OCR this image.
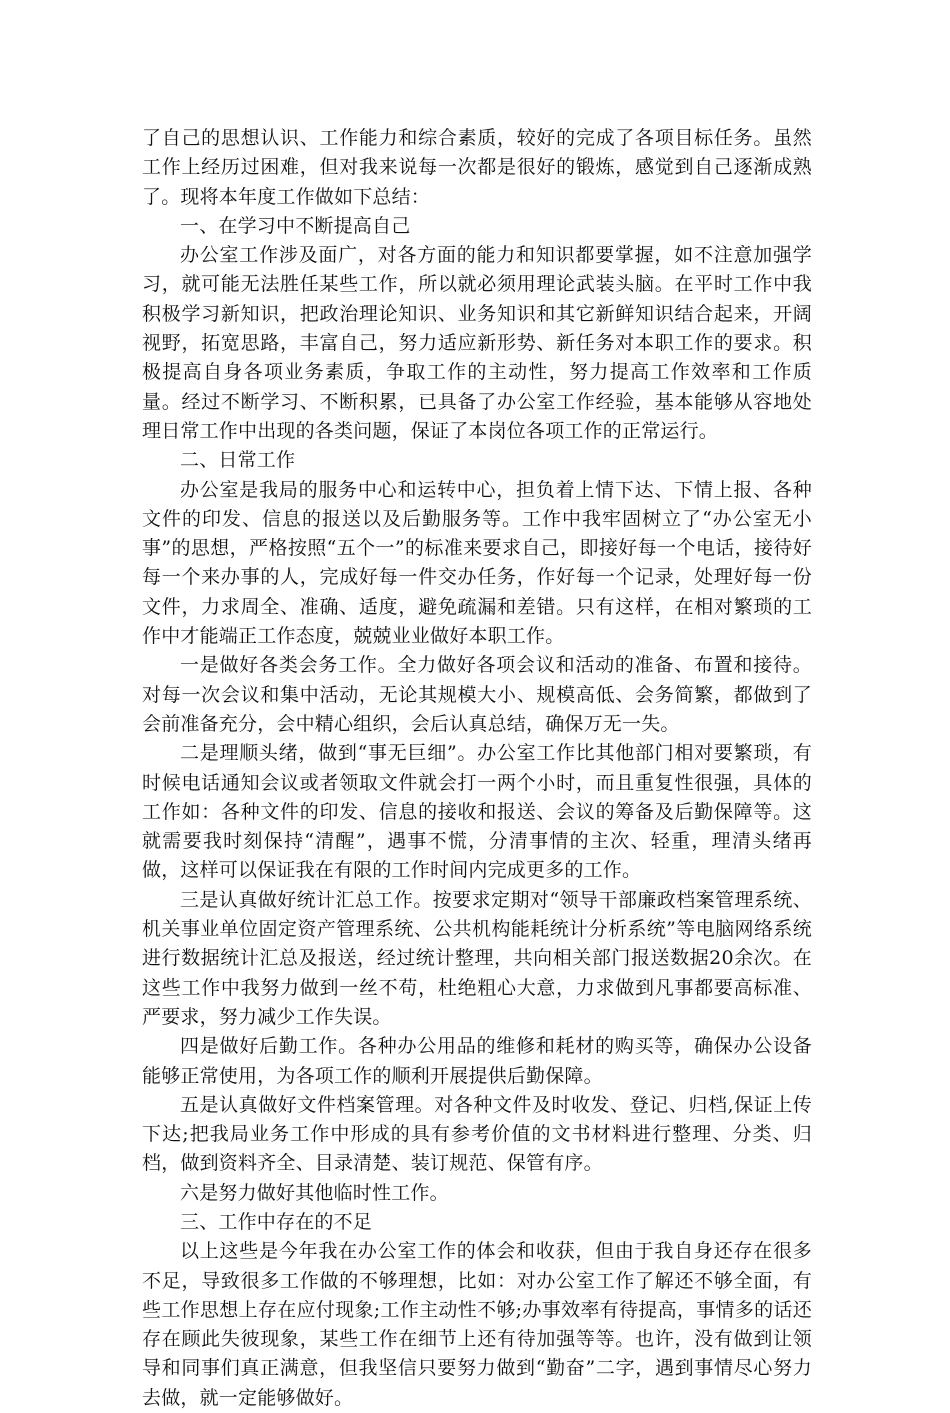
了自己的思想认识、工作能力和综合素质，较好的完成了各项目标任务。虽然工作上经历过困难，但对我来说每一次都是很好的锻炼，感觉到自己逐渐成熟了。现将本年度工作做如下总结：

一、在学习中不断提高自己

办公室工作涉及面广，对各方面的能力和知识都要掌握，如不注意加强学习，就可能无法胜任某些工作，所以就必须用理论武装头脑。在平时工作中我积极学习新知识，把政治理论知识、业务知识和其它新鲜知识结合起来，开阔视野，拓宽思路，丰富自己，努力适应新形势、新任务对本职工作的要求。积极提高自身各项业务素质，争取工作的主动性，努力提高工作效率和工作质量。经过不断学习、不断积累，已具备了办公室工作经验，基本能够从容地处理日常工作中出现的各类问题，保证了本岗位各项工作的正常运行。

二、日常工作

办公室是我局的服务中心和运转中心，担负着上情下达、下情上报、各种文件的印发、信息的报送以及后勤服务等。工作中我牢固树立了“办公室无小事”的思想，严格按照“五个一”的标准来要求自己，即接好每一个电话，接待好每一个来办事的人，完成好每一件交办任务，作好每一个记录，处理好每一份文件，力求周全、准确、适度，避免疏漏和差错。只有这样，在相对繁琐的工作中才能端正工作态度，兢兢业业做好本职工作。

一是做好各类会务工作。全力做好各项会议和活动的准备、布置和接待。对每一次会议和集中活动，无论其规模大小、规模高低、会务简繁，都做到了会前准备充分，会中精心组织，会后认真总结，确保万无一失。

二是理顺头绪，做到“事无巨细”。办公室工作比其他部门相对要繁琐，有时候电话通知会议或者领取文件就会打一两个小时，而且重复性很强，具体的工作如：各种文件的印发、信息的接收和报送、会议的筹备及后勤保障等。这就需要我时刻保持“清醒”，遇事不慌，分清事情的主次、轻重，理清头绪再做，这样可以保证我在有限的工作时间内完成更多的工作。

三是认真做好统计汇总工作。按要求定期对“领导干部廉政档案管理系统、机关事业单位固定资产管理系统、公共机构能耗统计分析系统”等电脑网络系统进行数据统计汇总及报送，经过统计整理，共向相关部门报送数据20余次。在这些工作中我努力做到一丝不苟，杜绝粗心大意，力求做到凡事都要高标准、严要求，努力减少工作失误。

四是做好后勤工作。各种办公用品的维修和耗材的购买等，确保办公设备能够正常使用，为各项工作的顺利开展提供后勤保障。

五是认真做好文件档案管理。对各种文件及时收发、登记、归档,保证上传下达;把我局业务工作中形成的具有参考价值的文书材料进行整理、分类、归档，做到资料齐全、目录清楚、装订规范、保管有序。

六是努力做好其他临时性工作。

三、工作中存在的不足

以上这些是今年我在办公室工作的体会和收获，但由于我自身还存在很多不足，导致很多工作做的不够理想，比如：对办公室工作了解还不够全面，有些工作思想上存在应付现象;工作主动性不够;办事效率有待提高，事情多的话还存在顾此失彼现象，某些工作在细节上还有待加强等等。也许，没有做到让领导和同事们真正满意，但我坚信只要努力做到“勤奋”二字，遇到事情尽心努力去做，就一定能够做好。
